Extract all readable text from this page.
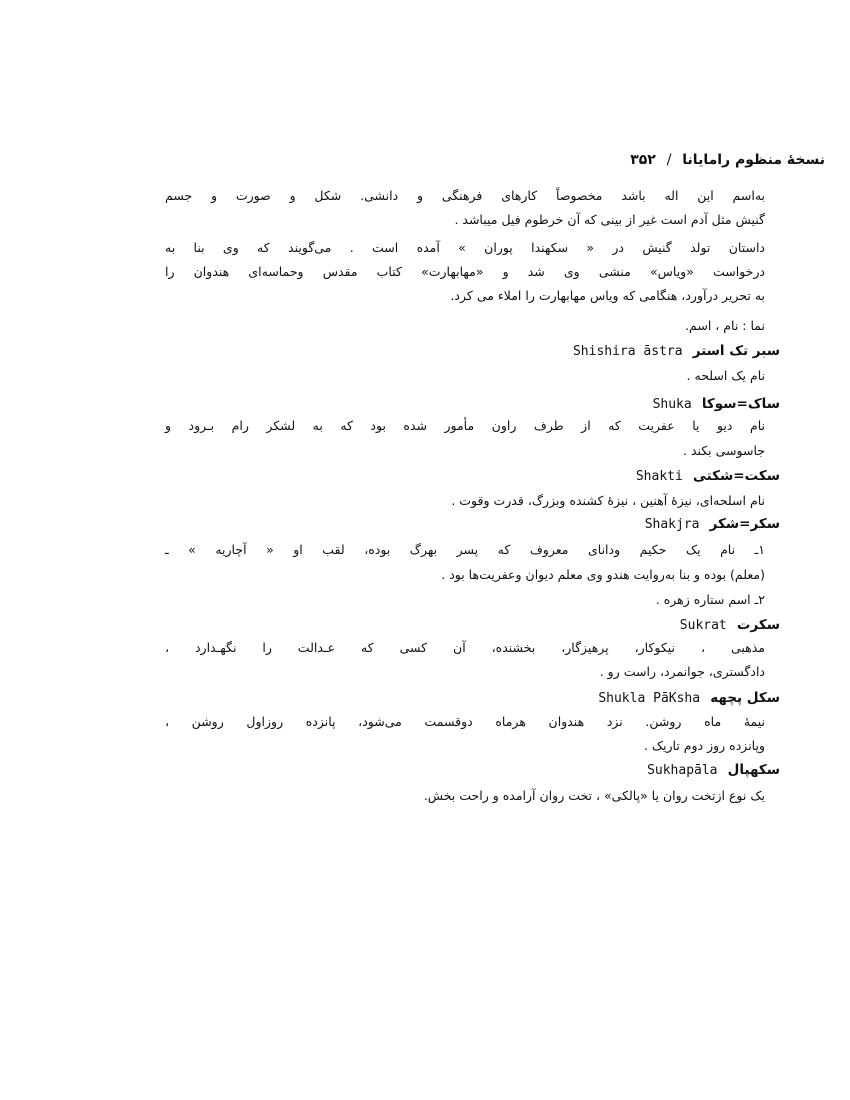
نسخهٔ منظوم رامایانا / ۳۵۲
به‌اسم این اله باشد مخصوصاً کارهای فرهنگی و دانشی. شکل و صورت و جسم
گنیش مثل آدم است غیر از بینی که آن خرطوم فیل میباشد .
داستان تولد گنیش در « سکهندا پوران » آمده است . می‌گویند که وی بنا به
درخواست «ویاس» منشی وی شد و «مهابهارت» کتاب مقدس وحماسه‌ای هندوان را
به تحریر درآورد، هنگامی که ویاس مهابهارت را املاء می کرد.
نما : نام ، اسم.
سبر تک استر Shishira āstra
نام یک اسلحه .
ساک=سوکا Shuka
نام دیو یا عفریت که از طرف راون مأمور شده بود که به لشکر رام بـرود و
جاسوسی بکند .
سکت=شکتی Shakti
نام اسلحه‌ای، نیزهٔ آهنین ، نیزهٔ کشنده وبزرگ، قدرت وقوت .
سکر=شکر Shakjra
۱ـ نام یک حکیم ودانای معروف که پسر بهرگ بوده، لقب او « آچاریه » ـ
(معلم) بوده و بنا به‌روایت هندو وی معلم دیوان وعفریت‌ها بود .
۲ـ اسم ستاره زهره .
سکرت Sukrat
مذهبی ، نیکوکار، پرهیزگار، بخشنده، آن کسی که عـدالت را نگهـدارد ،
دادگستری، جوانمرد، راست رو .
سکل پچهه Shukla PāKsha
نیمهٔ ماه روشن. نزد هندوان هرماه دوقسمت می‌شود، پانزده روزاول روشن ،
وپانزده روز دوم تاریک .
سکهپال Sukhapāla
یک نوع ازتخت روان یا «پالکی» ، تخت روان آرامده و راحت بخش.
